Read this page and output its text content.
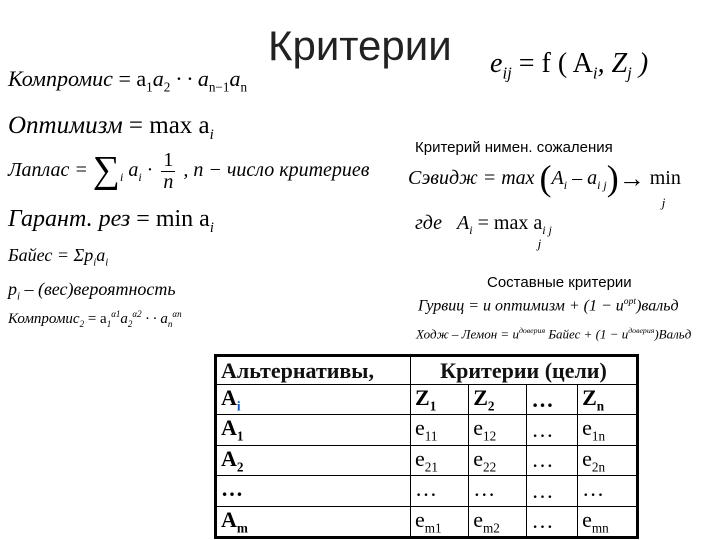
Критерии
Компромис = $a_1a_2$ · · $a_{n-1}a_n$
$e_{ij} = f$ ( $A_i$, $Z_j$ )
Оптимизм = $\max a_i$
Критерий нимен. сожаления
Лаплас = $\sum_i$ $a_i \cdot \frac{1}{n}$ , n − число критериев Сэвидж = $\max (A_i - a_{i j})\to \min$
j
Гарант. рез = $\min a_i$	где $A_i = \max a$
j
$_{i j}$
Байес = $\Sigma p_ia_i$
Составные критерии
$p_i$ – (вес)вероятность
Гурвиц = u оптимизм + $(1 - u^{opt})вальд$
Компромис$_2$ = $a_1^{\alpha 1}a_2^{\alpha 2}$ · · $a_n^{\alpha n}$
Ходж – Лемон = $u^{доверия}$ Байес + $(1 - u^{доверия})Вальд$
Альтернативы,	Критерии (цели)			
$A_i$	$Z_1$	$Z_2$	…	$Z_n$
$A_1$	$e_{11}$	$e_{12}$	…	$e_{1n}$
$A_2$	$e_{21}$	$e_{22}$	…	$e_{2n}$
…	…	…	…	…
$A_m$	$e_{m1}$	$e_{m2}$	…	$e_{mn}$
